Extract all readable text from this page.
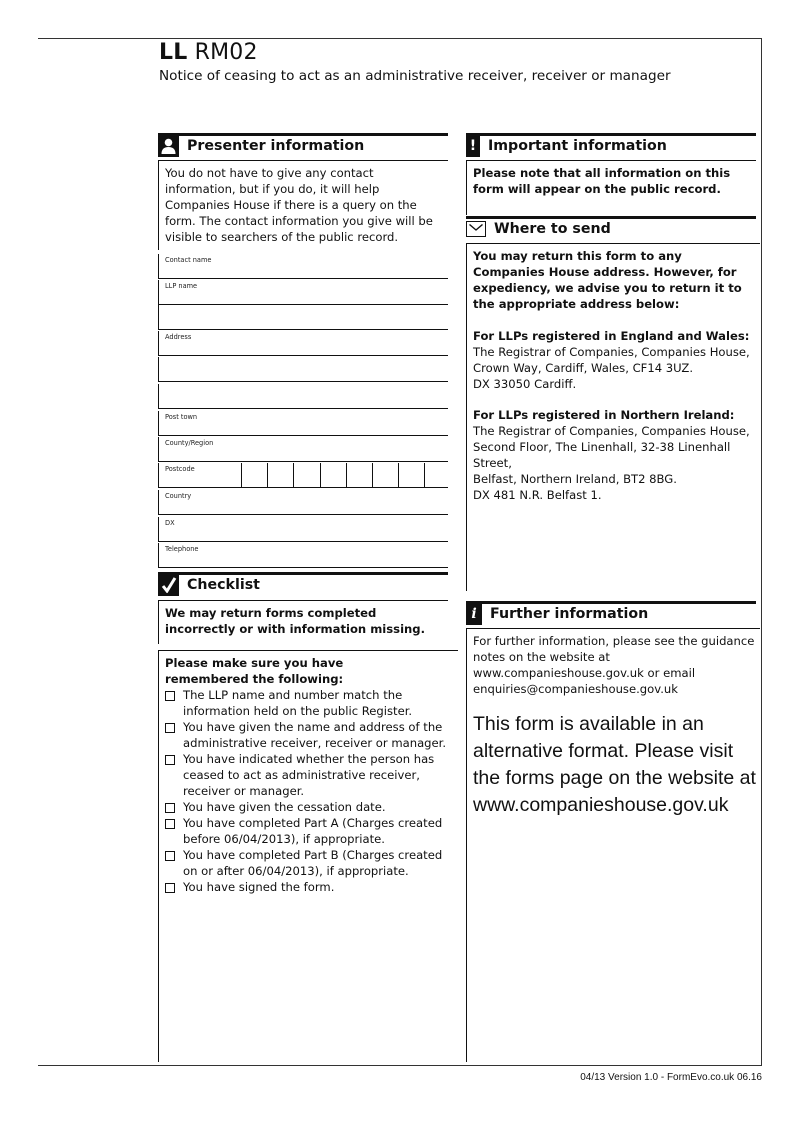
LL RM02
Notice of ceasing to act as an administrative receiver, receiver or manager
Presenter information
You do not have to give any contact information, but if you do, it will help Companies House if there is a query on the form. The contact information you give will be visible to searchers of the public record.
Contact name
LLP name
Address
Post town
County/Region
Postcode
Country
DX
Telephone
Checklist
We may return forms completed incorrectly or with information missing.
Please make sure you have remembered the following:
The LLP name and number match the information held on the public Register.
You have given the name and address of the administrative receiver, receiver or manager.
You have indicated whether the person has ceased to act as administrative receiver, receiver or manager.
You have given the cessation date.
You have completed Part A (Charges created before 06/04/2013), if appropriate.
You have completed Part B (Charges created on or after 06/04/2013), if appropriate.
You have signed the form.
! Important information
Please note that all information on this form will appear on the public record.
Where to send
You may return this form to any Companies House address. However, for expediency, we advise you to return it to the appropriate address below:
For LLPs registered in England and Wales:
The Registrar of Companies, Companies House,
Crown Way, Cardiff, Wales, CF14 3UZ.
DX 33050 Cardiff.
For LLPs registered in Northern Ireland:
The Registrar of Companies, Companies House,
Second Floor, The Linenhall, 32-38 Linenhall Street,
Belfast, Northern Ireland, BT2 8BG.
DX 481 N.R. Belfast 1.
i Further information
For further information, please see the guidance notes on the website at www.companieshouse.gov.uk or email enquiries@companieshouse.gov.uk
This form is available in an alternative format. Please visit the forms page on the website at www.companieshouse.gov.uk
04/13 Version 1.0 - FormEvo.co.uk 06.16
